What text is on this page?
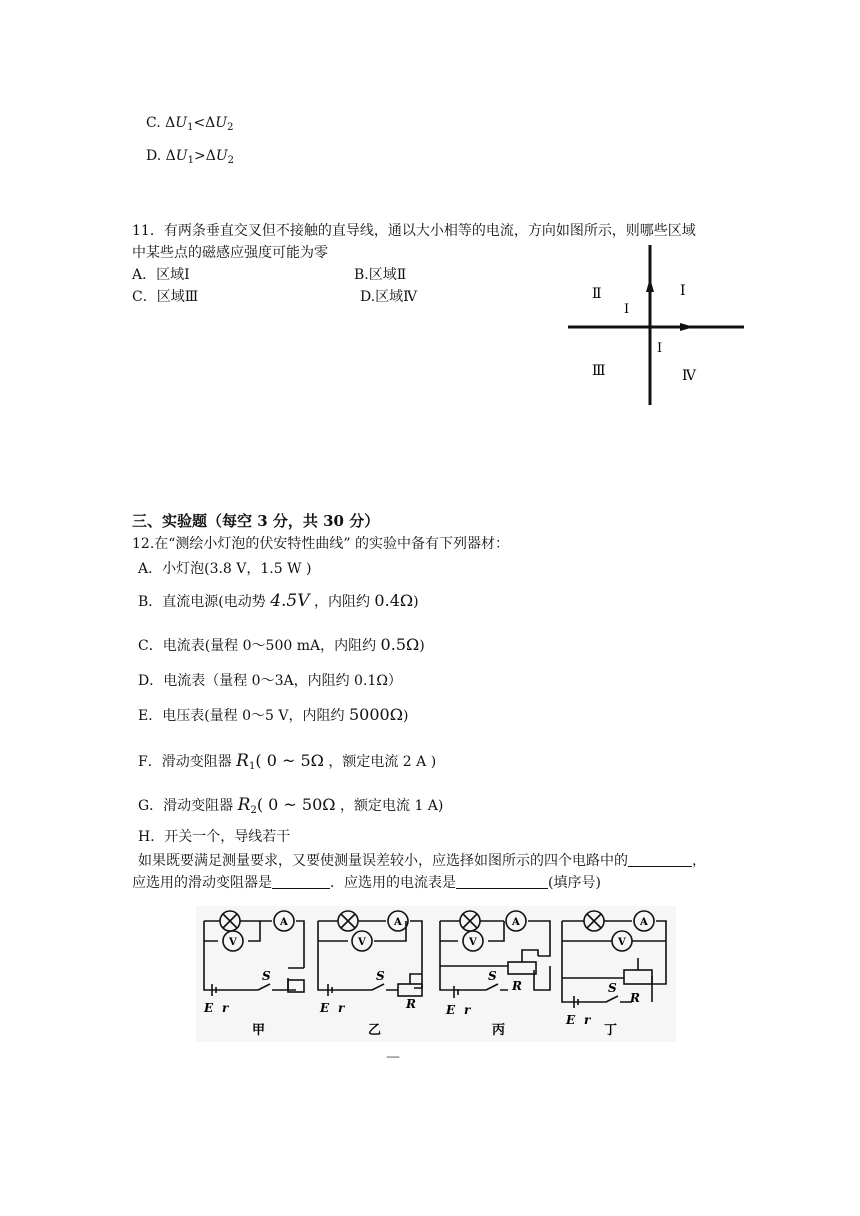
C. $\Delta U_1<\Delta U_2$
D. $\Delta U_1>\Delta U_2$
11．有两条垂直交叉但不接触的直导线，通以大小相等的电流，方向如图所示，则哪些区域
中某些点的磁感应强度可能为零
A．区域Ⅰ	B.区域Ⅱ
C．区域Ⅲ	D.区域Ⅳ	Ⅱ	Ⅰ
I
I
Ⅲ	Ⅳ
三、实验题（每空 3 分，共 30 分）
12.在“测绘小灯泡的伏安特性曲线” 的实验中备有下列器材：
A．小灯泡(3.8 V，1.5 W )
B．直流电源(电动势 4.5V ，内阻约 0.4Ω)
C．电流表(量程 0～500 mA，内阻约 0.5Ω)
D．电流表（量程 0～3A，内阻约 0.1Ω）
E．电压表(量程 0～5 V，内阻约 5000Ω)
F．滑动变阻器 $R_1$( 0 ~ 5Ω ，额定电流 2 A )
G．滑动变阻器 $R_2$( 0 ~ 50Ω ，额定电流 1 A)
H．开关一个，导线若干
如果既要满足测量要求，又要使测量误差较小，应选择如图所示的四个电路中的	，
应选用的滑动变阻器是	．应选用的电流表是	(填序号)
A
V
A
V
A
V
A
V
S	S
R
S
R	S
R
E r	E r	E r
E r
甲	乙	丙	丁
—
